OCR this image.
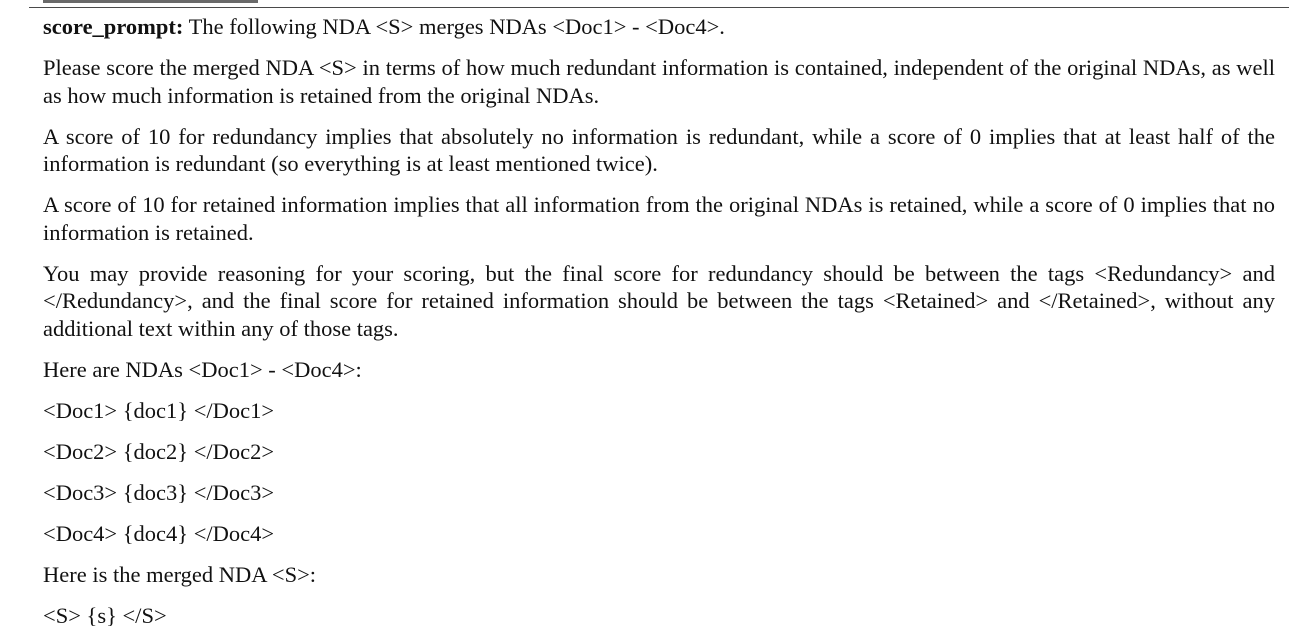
score_prompt: The following NDA <S> merges NDAs <Doc1> - <Doc4>.

Please score the merged NDA <S> in terms of how much redundant information is contained, independent of the original NDAs, as well as how much information is retained from the original NDAs.

A score of 10 for redundancy implies that absolutely no information is redundant, while a score of 0 implies that at least half of the information is redundant (so everything is at least mentioned twice).

A score of 10 for retained information implies that all information from the original NDAs is retained, while a score of 0 implies that no information is retained.

You may provide reasoning for your scoring, but the final score for redundancy should be between the tags <Redundancy> and </Redundancy>, and the final score for retained information should be between the tags <Retained> and </Retained>, without any additional text within any of those tags.

Here are NDAs <Doc1> - <Doc4>:

<Doc1> {doc1} </Doc1>

<Doc2> {doc2} </Doc2>

<Doc3> {doc3} </Doc3>

<Doc4> {doc4} </Doc4>

Here is the merged NDA <S>:

<S> {s} </S>
